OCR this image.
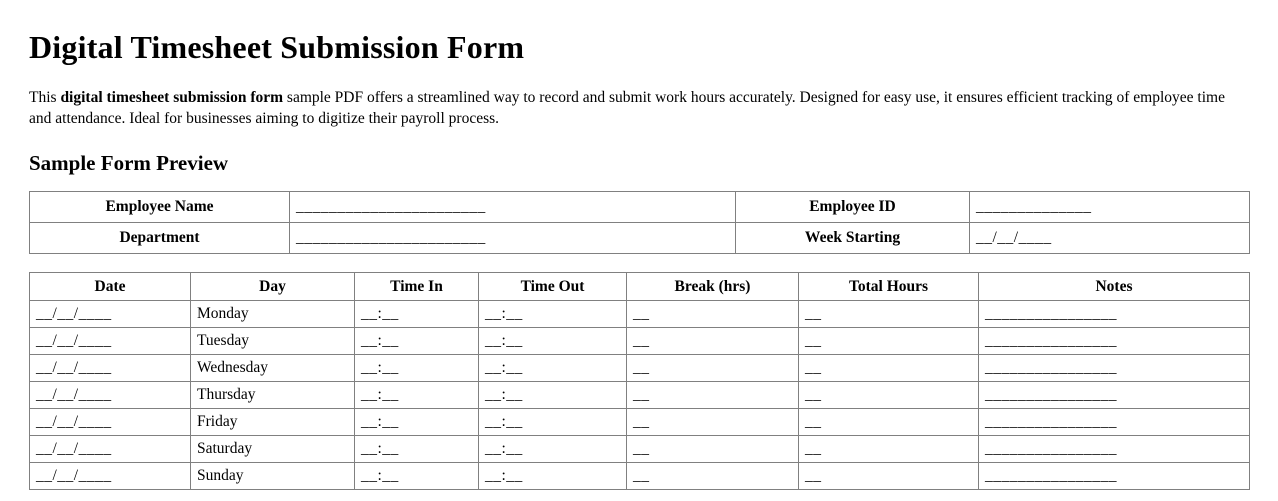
Digital Timesheet Submission Form

This digital timesheet submission form sample PDF offers a streamlined way to record and submit work hours accurately. Designed for easy use, it ensures efficient tracking of employee time and attendance. Ideal for businesses aiming to digitize their payroll process.

Sample Form Preview
Employee Name	_______________________	Employee ID	______________
Department	_______________________	Week Starting	__/__/____
Date	Day	Time In	Time Out	Break (hrs)	Total Hours	Notes
__/__/____	Monday	__:__	__:__	__	__	________________
__/__/____	Tuesday	__:__	__:__	__	__	________________
__/__/____	Wednesday	__:__	__:__	__	__	________________
__/__/____	Thursday	__:__	__:__	__	__	________________
__/__/____	Friday	__:__	__:__	__	__	________________
__/__/____	Saturday	__:__	__:__	__	__	________________
__/__/____	Sunday	__:__	__:__	__	__	________________
